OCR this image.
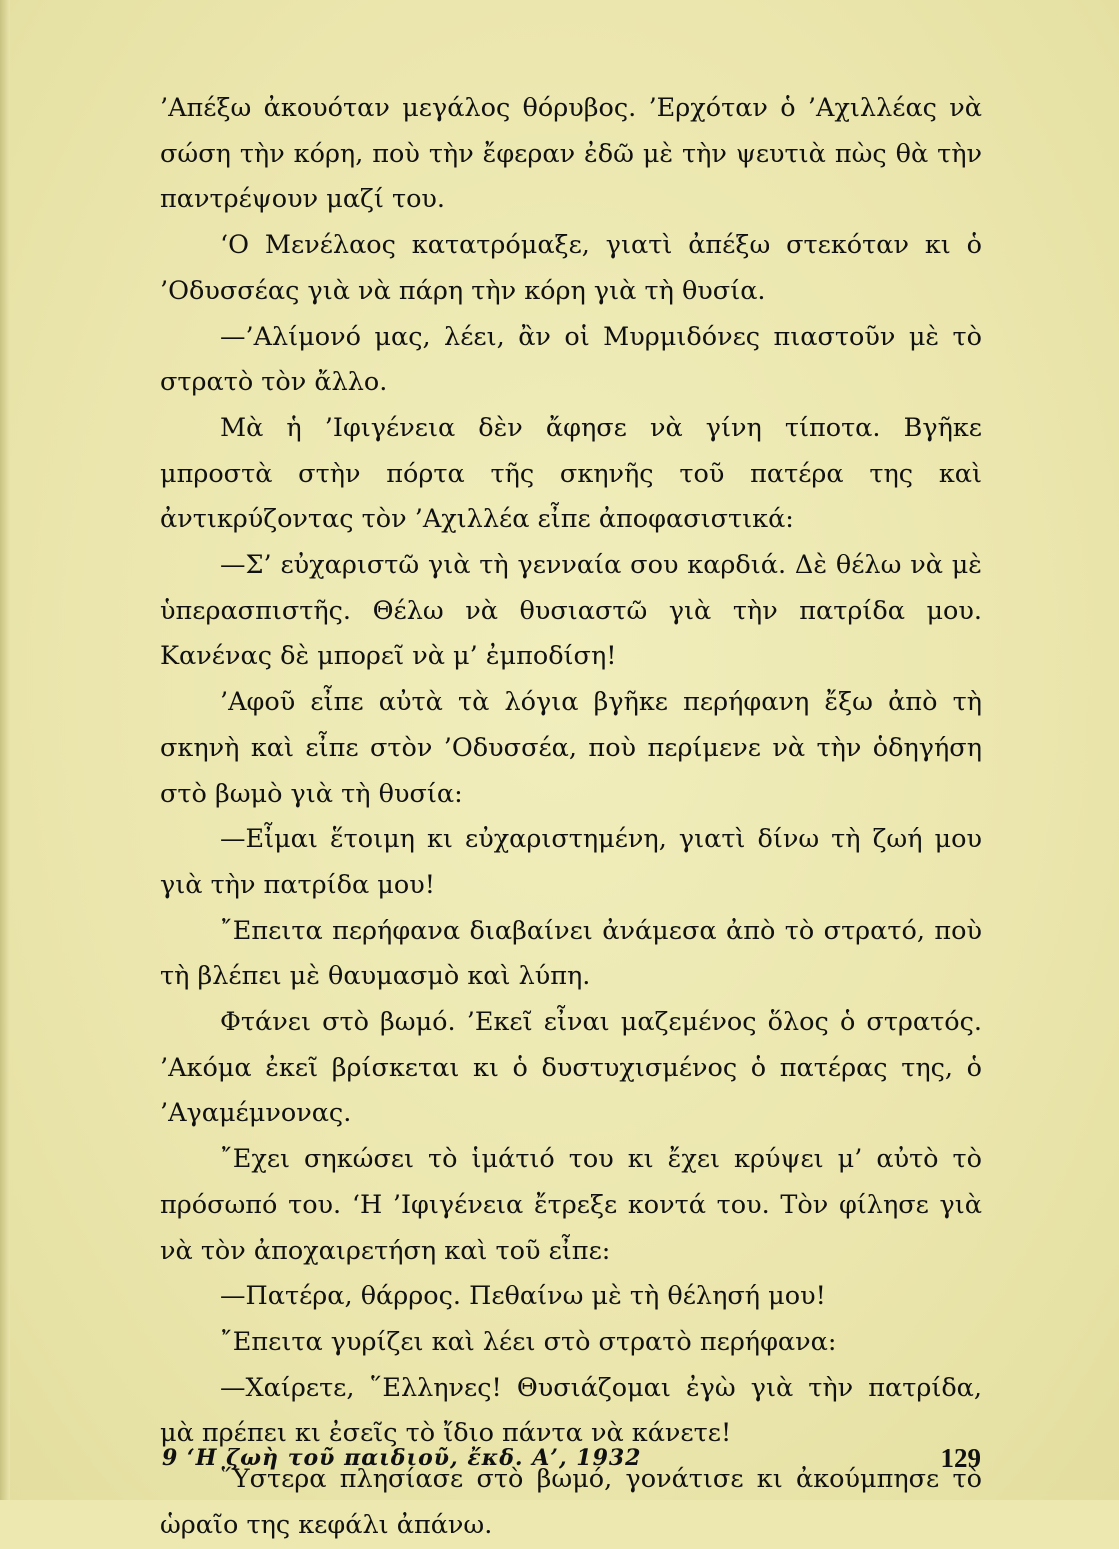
’Απέξω ἀκουόταν μεγάλος θόρυβος. ’Ερχόταν ὁ ’Αχιλλέας νὰ σώση τὴν κόρη, ποὺ τὴν ἔφεραν ἐδῶ μὲ τὴν ψευτιὰ πὼς θὰ τὴν παντρέψουν μαζί του.

‘Ο Μενέλαος κατατρόμαξε, γιατὶ ἀπέξω στεκόταν κι ὁ ’Οδυσσέας γιὰ νὰ πάρη τὴν κόρη γιὰ τὴ θυσία.

—’Αλίμονό μας, λέει, ἂν οἱ Μυρμιδόνες πιαστοῦν μὲ τὸ στρατὸ τὸν ἄλλο.

Μὰ ἡ ’Ιφιγένεια δὲν ἄφησε νὰ γίνη τίποτα. Βγῆκε μπροστὰ στὴν πόρτα τῆς σκηνῆς τοῦ πατέρα της καὶ ἀντικρύζοντας τὸν ’Αχιλλέα εἶπε ἀποφασιστικά:

—Σ’ εὐχαριστῶ γιὰ τὴ γενναία σου καρδιά. Δὲ θέλω νὰ μὲ ὑπερασπιστῆς. Θέλω νὰ θυσιαστῶ γιὰ τὴν πατρίδα μου. Κανένας δὲ μπορεῖ νὰ μ’ ἐμποδίση!

’Αφοῦ εἶπε αὐτὰ τὰ λόγια βγῆκε περήφανη ἔξω ἀπὸ τὴ σκηνὴ καὶ εἶπε στὸν ’Οδυσσέα, ποὺ περίμενε νὰ τὴν ὁδηγήση στὸ βωμὸ γιὰ τὴ θυσία:

—Εἶμαι ἕτοιμη κι εὐχαριστημένη, γιατὶ δίνω τὴ ζωή μου γιὰ τὴν πατρίδα μου!

῎Επειτα περήφανα διαβαίνει ἀνάμεσα ἀπὸ τὸ στρατό, ποὺ τὴ βλέπει μὲ θαυμασμὸ καὶ λύπη.

Φτάνει στὸ βωμό. ’Εκεῖ εἶναι μαζεμένος ὅλος ὁ στρατός. ’Ακόμα ἐκεῖ βρίσκεται κι ὁ δυστυχισμένος ὁ πατέρας της, ὁ ’Αγαμέμνονας.

῎Εχει σηκώσει τὸ ἱμάτιό του κι ἔχει κρύψει μ’ αὐτὸ τὸ πρόσωπό του. ‘Η ’Ιφιγένεια ἔτρεξε κοντά του. Τὸν φίλησε γιὰ νὰ τὸν ἀποχαιρετήση καὶ τοῦ εἶπε:

—Πατέρα, θάρρος. Πεθαίνω μὲ τὴ θέλησή μου!

῎Επειτα γυρίζει καὶ λέει στὸ στρατὸ περήφανα:

—Χαίρετε, ῞Ελληνες! Θυσιάζομαι ἐγὼ γιὰ τὴν πατρίδα, μὰ πρέπει κι ἐσεῖς τὸ ἴδιο πάντα νὰ κάνετε!

῞Υστερα πλησίασε στὸ βωμό, γονάτισε κι ἀκούμπησε τὸ ὡραῖο της κεφάλι ἀπάνω.

9 ‘Η ζωὴ τοῦ παιδιοῦ, ἔκδ. Α’, 1932	129
